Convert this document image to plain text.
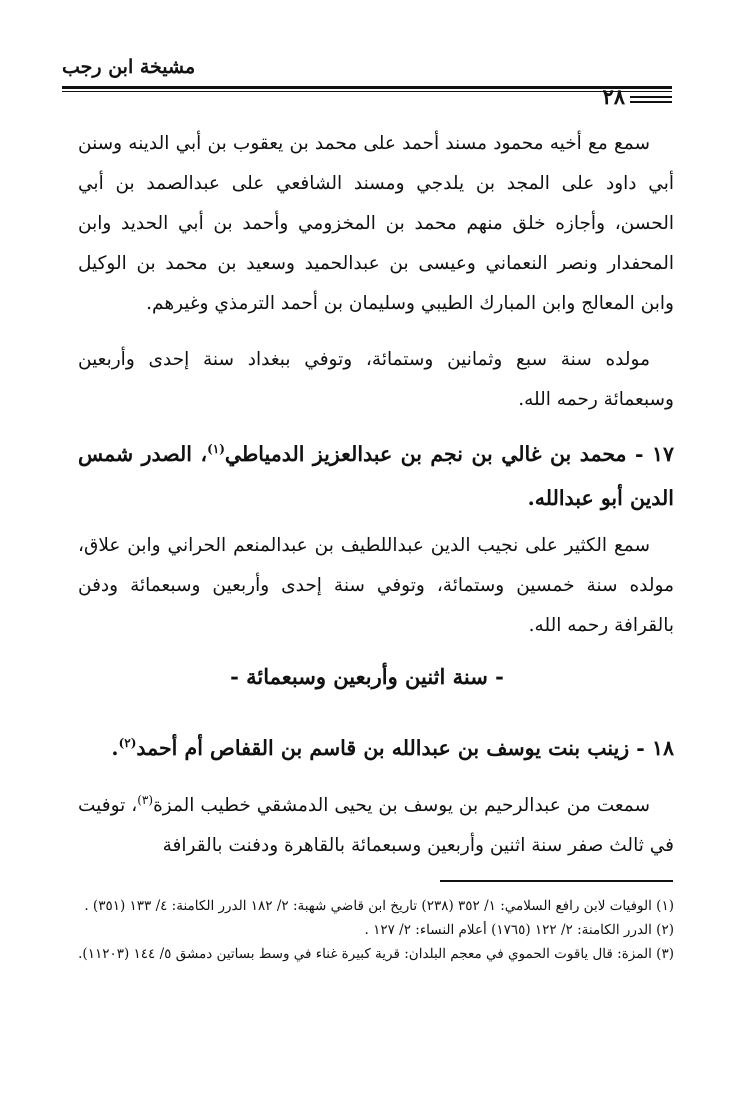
مشيخة ابن رجب
٢٨

سمع مع أخيه محمود مسند أحمد على محمد بن يعقوب بن أبي الدينه وسنن أبي داود على المجد بن يلدجي ومسند الشافعي على عبدالصمد بن أبي الحسن، وأجازه خلق منهم محمد بن المخزومي وأحمد بن أبي الحديد وابن المحفدار ونصر النعماني وعيسى بن عبدالحميد وسعيد بن محمد بن الوكيل وابن المعالج وابن المبارك الطيبي وسليمان بن أحمد الترمذي وغيرهم.

مولده سنة سبع وثمانين وستمائة، وتوفي ببغداد سنة إحدى وأربعين وسبعمائة رحمه الله.

١٧ - محمد بن غالي بن نجم بن عبدالعزيز الدمياطي$^{(١)}$، الصدر شمس الدين أبو عبدالله.

سمع الكثير على نجيب الدين عبداللطيف بن عبدالمنعم الحراني وابن علاق، مولده سنة خمسين وستمائة، وتوفي سنة إحدى وأربعين وسبعمائة ودفن بالقرافة رحمه الله.

- سنة اثنين وأربعين وسبعمائة -
١٨ - زينب بنت يوسف بن عبدالله بن قاسم بن القفاص أم أحمد$^{(٢)}$.

سمعت من عبدالرحيم بن يوسف بن يحيى الدمشقي خطيب المزة$^{(٣)}$، توفيت في ثالث صفر سنة اثنين وأربعين وسبعمائة بالقاهرة ودفنت بالقرافة

(١) الوفيات لابن رافع السلامي: ١/ ٣٥٢ (٢٣٨) تاريخ ابن قاضي شهبة: ٢/ ١٨٢ الدرر الكامنة: ٤/ ١٣٣ (٣٥١) .
(٢) الدرر الكامنة: ٢/ ١٢٢ (١٧٦٥) أعلام النساء: ٢/ ١٢٧ .
(٣) المزة: قال ياقوت الحموي في معجم البلدان: قرية كبيرة غناء في وسط بساتين دمشق ٥/ ١٤٤ (١١٢٠٣).
